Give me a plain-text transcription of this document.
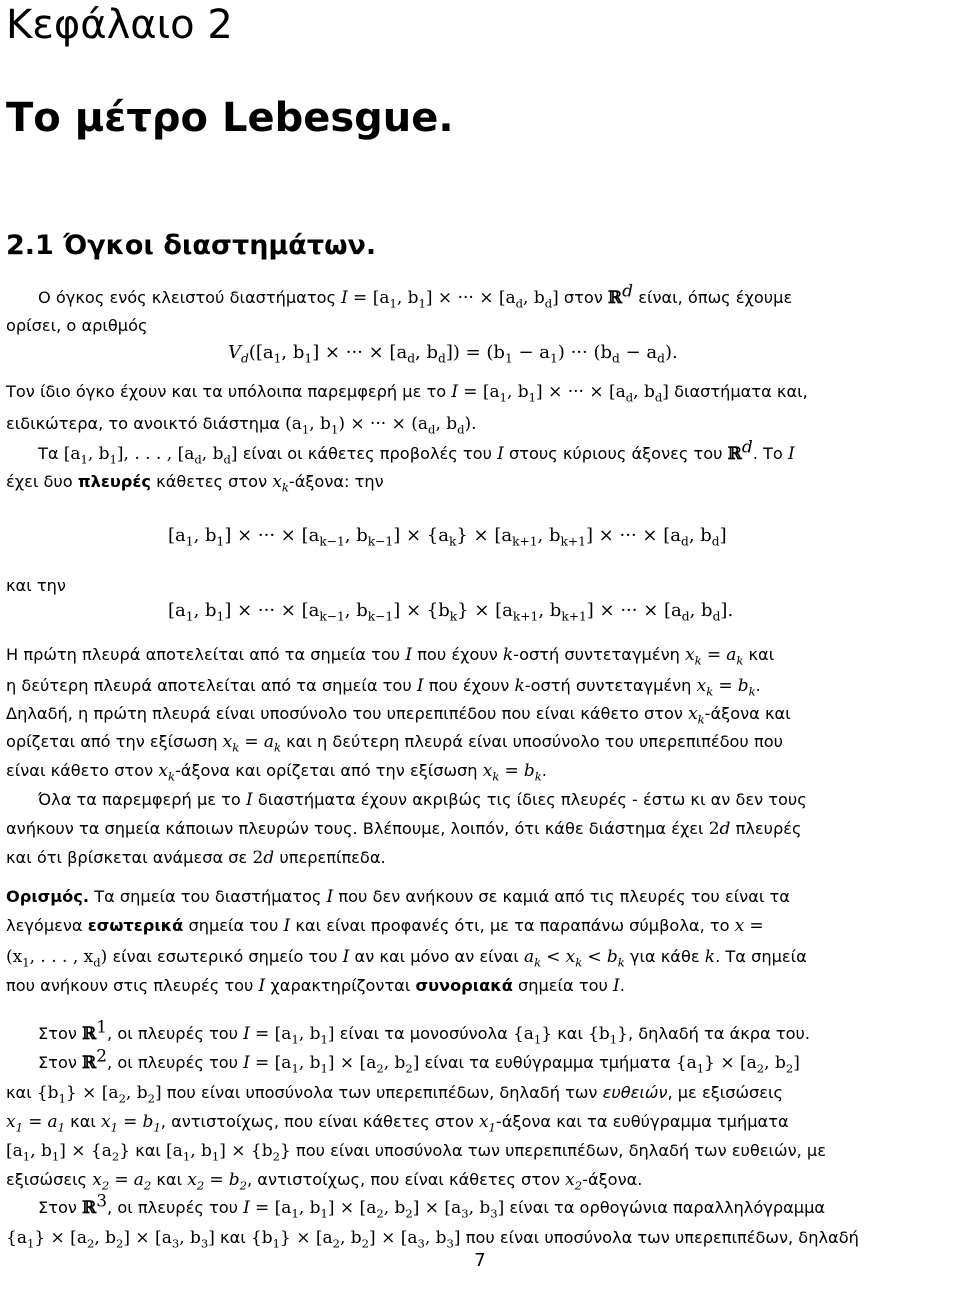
Κεφάλαιο 2
Το μέτρο Lebesgue.
2.1 Όγκοι διαστημάτων.
Ο όγκος ενός κλειστού διαστήματος $I = [a_1$, $b_1$] × ··· × [$a_d$, $b_d$] στον ℝ$^d$ είναι, όπως έχουμε
ορίσει, ο αριθμός
$V_d([a_1$, $b_1$] × ··· × [$a_d$, $b_d]) = (b_1 - a_1)$ ··· $(b_d - a_d)$.
Τον ίδιο όγκο έχουν και τα υπόλοιπα παρεμφερή με το $I = [a_1$, $b_1$] × ··· × [$a_d$, $b_d$] διαστήματα και,
ειδικώτερα, το ανοικτό διάστημα ($a_1$, $b_1$) × ··· × ($a_d$, $b_d$).
Τα [$a_1$, $b_1$], . . . , [$a_d$, $b_d$] είναι οι κάθετες προβολές του I στους κύριους άξονες του ℝ$^d$. Το I
έχει δυο πλευρές κάθετες στον $x_k$-άξονα: την
[$a_1$, $b_1$] × ··· × [$a_{k-1}$, $b_{k-1}] \times \{a_k\} \times [a_{k+1}$, $b_{k+1}$] × ··· × [$a_d$, $b_d$]
και την
[$a_1$, $b_1$] × ··· × [$a_{k-1}$, $b_{k-1}] \times \{b_k\} \times [a_{k+1}$, $b_{k+1}$] × ··· × [$a_d$, $b_d$].
Η πρώτη πλευρά αποτελείται από τα σημεία του I που έχουν k-οστή συντεταγμένη $x_k = a_k$ και
η δεύτερη πλευρά αποτελείται από τα σημεία του I που έχουν k-οστή συντεταγμένη $x_k = b_k$.
Δηλαδή, η πρώτη πλευρά είναι υποσύνολο του υπερεπιπέδου που είναι κάθετο στον $x_k$-άξονα και
ορίζεται από την εξίσωση $x_k = a_k$ και η δεύτερη πλευρά είναι υποσύνολο του υπερεπιπέδου που
είναι κάθετο στον $x_k$-άξονα και ορίζεται από την εξίσωση $x_k = b_k$.
Όλα τα παρεμφερή με το I διαστήματα έχουν ακριβώς τις ίδιες πλευρές - έστω κι αν δεν τους
ανήκουν τα σημεία κάποιων πλευρών τους. Βλέπουμε, λοιπόν, ότι κάθε διάστημα έχει 2d πλευρές
και ότι βρίσκεται ανάμεσα σε 2d υπερεπίπεδα.
Ορισμός. Τα σημεία του διαστήματος I που δεν ανήκουν σε καμιά από τις πλευρές του είναι τα
λεγόμενα εσωτερικά σημεία του I και είναι προφανές ότι, με τα παραπάνω σύμβολα, το x =
($x_1$, . . . , $x_d$) είναι εσωτερικό σημείο του I αν και μόνο αν είναι $a_k < x_k < b_k$ για κάθε k. Τα σημεία
που ανήκουν στις πλευρές του I χαρακτηρίζονται συνοριακά σημεία του I.
Στον ℝ$^1$, οι πλευρές του $I = [a_1$, $b_1$] είναι τα μονοσύνολα $\{a_1\}$ και $\{b_1\}$, δηλαδή τα άκρα του.
Στον ℝ$^2$, οι πλευρές του $I = [a_1$, $b_1] \times [a_2$, $b_2$] είναι τα ευθύγραμμα τμήματα $\{a_1\} \times [a_2$, $b_2$]
και $\{b_1\} \times [a_2$, $b_2$] που είναι υποσύνολα των υπερεπιπέδων, δηλαδή των ευθειών, με εξισώσεις
$x_1 = a_1$ και $x_1 = b_1$, αντιστοίχως, που είναι κάθετες στον $x_1$-άξονα και τα ευθύγραμμα τμήματα
[$a_1$, $b_1] \times \{a_2\}$ και [$a_1$, $b_1] \times \{b_2\}$ που είναι υποσύνολα των υπερεπιπέδων, δηλαδή των ευθειών, με
εξισώσεις $x_2 = a_2$ και $x_2 = b_2$, αντιστοίχως, που είναι κάθετες στον $x_2$-άξονα.
Στον ℝ$^3$, οι πλευρές του $I = [a_1$, $b_1] \times [a_2$, $b_2] \times [a_3$, $b_3$] είναι τα ορθογώνια παραλληλόγραμμα
$\{a_1\} \times [a_2$, $b_2] \times [a_3$, $b_3$] και $\{b_1\} \times [a_2$, $b_2] \times [a_3$, $b_3$] που είναι υποσύνολα των υπερεπιπέδων, δηλαδή
7
